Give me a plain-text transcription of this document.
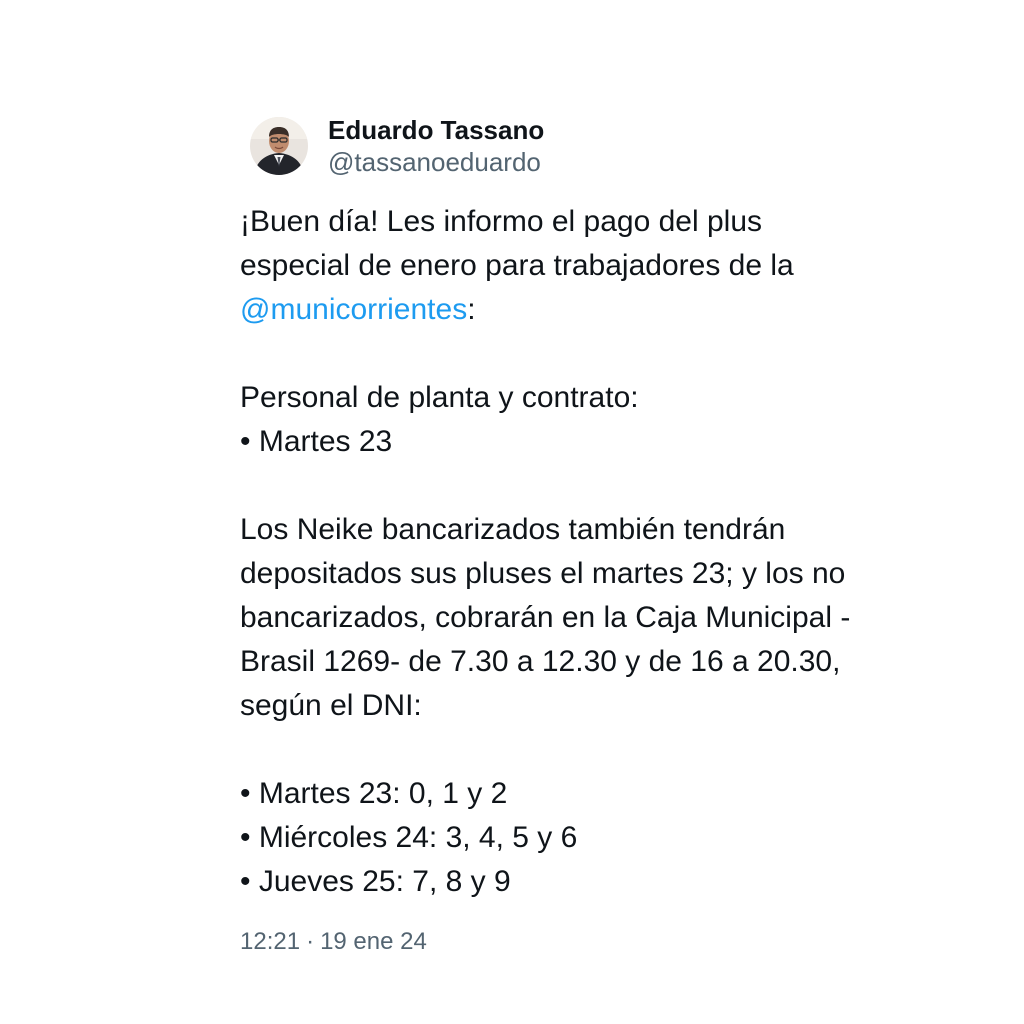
Eduardo Tassano
@tassanoeduardo

¡Buen día! Les informo el pago del plus especial de enero para trabajadores de la @municorrientes:

Personal de planta y contrato:

• Martes 23

Los Neike bancarizados también tendrán depositados sus pluses el martes 23; y los no bancarizados, cobrarán en la Caja Municipal -Brasil 1269- de 7.30 a 12.30 y de 16 a 20.30, según el DNI:

• Martes 23: 0, 1 y 2

• Miércoles 24: 3, 4, 5 y 6

• Jueves 25: 7, 8 y 9

12:21 · 19 ene 24
